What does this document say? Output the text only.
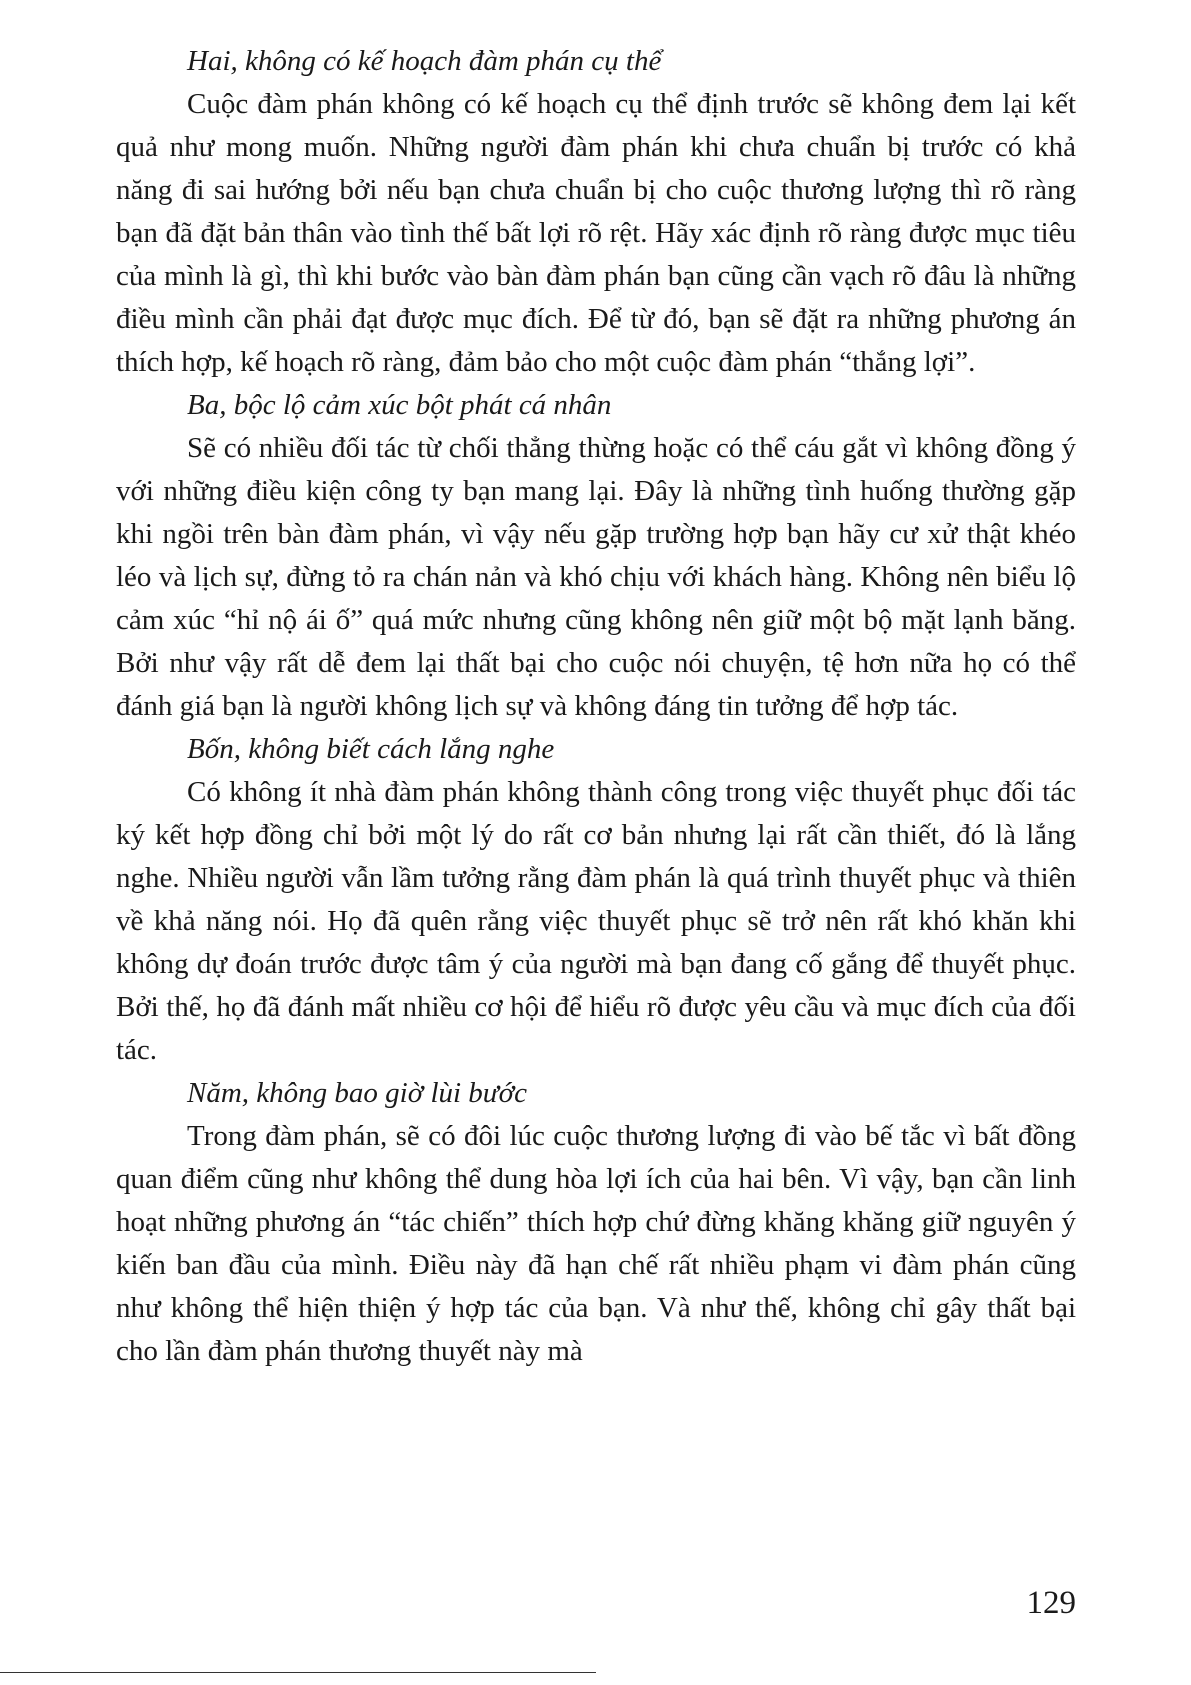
Hai, không có kế hoạch đàm phán cụ thể

Cuộc đàm phán không có kế hoạch cụ thể định trước sẽ không đem lại kết quả như mong muốn. Những người đàm phán khi chưa chuẩn bị trước có khả năng đi sai hướng bởi nếu bạn chưa chuẩn bị cho cuộc thương lượng thì rõ ràng bạn đã đặt bản thân vào tình thế bất lợi rõ rệt. Hãy xác định rõ ràng được mục tiêu của mình là gì, thì khi bước vào bàn đàm phán bạn cũng cần vạch rõ đâu là những điều mình cần phải đạt được mục đích. Để từ đó, bạn sẽ đặt ra những phương án thích hợp, kế hoạch rõ ràng, đảm bảo cho một cuộc đàm phán “thắng lợi”.

Ba, bộc lộ cảm xúc bột phát cá nhân

Sẽ có nhiều đối tác từ chối thẳng thừng hoặc có thể cáu gắt vì không đồng ý với những điều kiện công ty bạn mang lại. Đây là những tình huống thường gặp khi ngồi trên bàn đàm phán, vì vậy nếu gặp trường hợp bạn hãy cư xử thật khéo léo và lịch sự, đừng tỏ ra chán nản và khó chịu với khách hàng. Không nên biểu lộ cảm xúc “hỉ nộ ái ố” quá mức nhưng cũng không nên giữ một bộ mặt lạnh băng. Bởi như vậy rất dễ đem lại thất bại cho cuộc nói chuyện, tệ hơn nữa họ có thể đánh giá bạn là người không lịch sự và không đáng tin tưởng để hợp tác.

Bốn, không biết cách lắng nghe

Có không ít nhà đàm phán không thành công trong việc thuyết phục đối tác ký kết hợp đồng chỉ bởi một lý do rất cơ bản nhưng lại rất cần thiết, đó là lắng nghe. Nhiều người vẫn lầm tưởng rằng đàm phán là quá trình thuyết phục và thiên về khả năng nói. Họ đã quên rằng việc thuyết phục sẽ trở nên rất khó khăn khi không dự đoán trước được tâm ý của người mà bạn đang cố gắng để thuyết phục. Bởi thế, họ đã đánh mất nhiều cơ hội để hiểu rõ được yêu cầu và mục đích của đối tác.

Năm, không bao giờ lùi bước

Trong đàm phán, sẽ có đôi lúc cuộc thương lượng đi vào bế tắc vì bất đồng quan điểm cũng như không thể dung hòa lợi ích của hai bên. Vì vậy, bạn cần linh hoạt những phương án “tác chiến” thích hợp chứ đừng khăng khăng giữ nguyên ý kiến ban đầu của mình. Điều này đã hạn chế rất nhiều phạm vi đàm phán cũng như không thể hiện thiện ý hợp tác của bạn. Và như thế, không chỉ gây thất bại cho lần đàm phán thương thuyết này mà

129
